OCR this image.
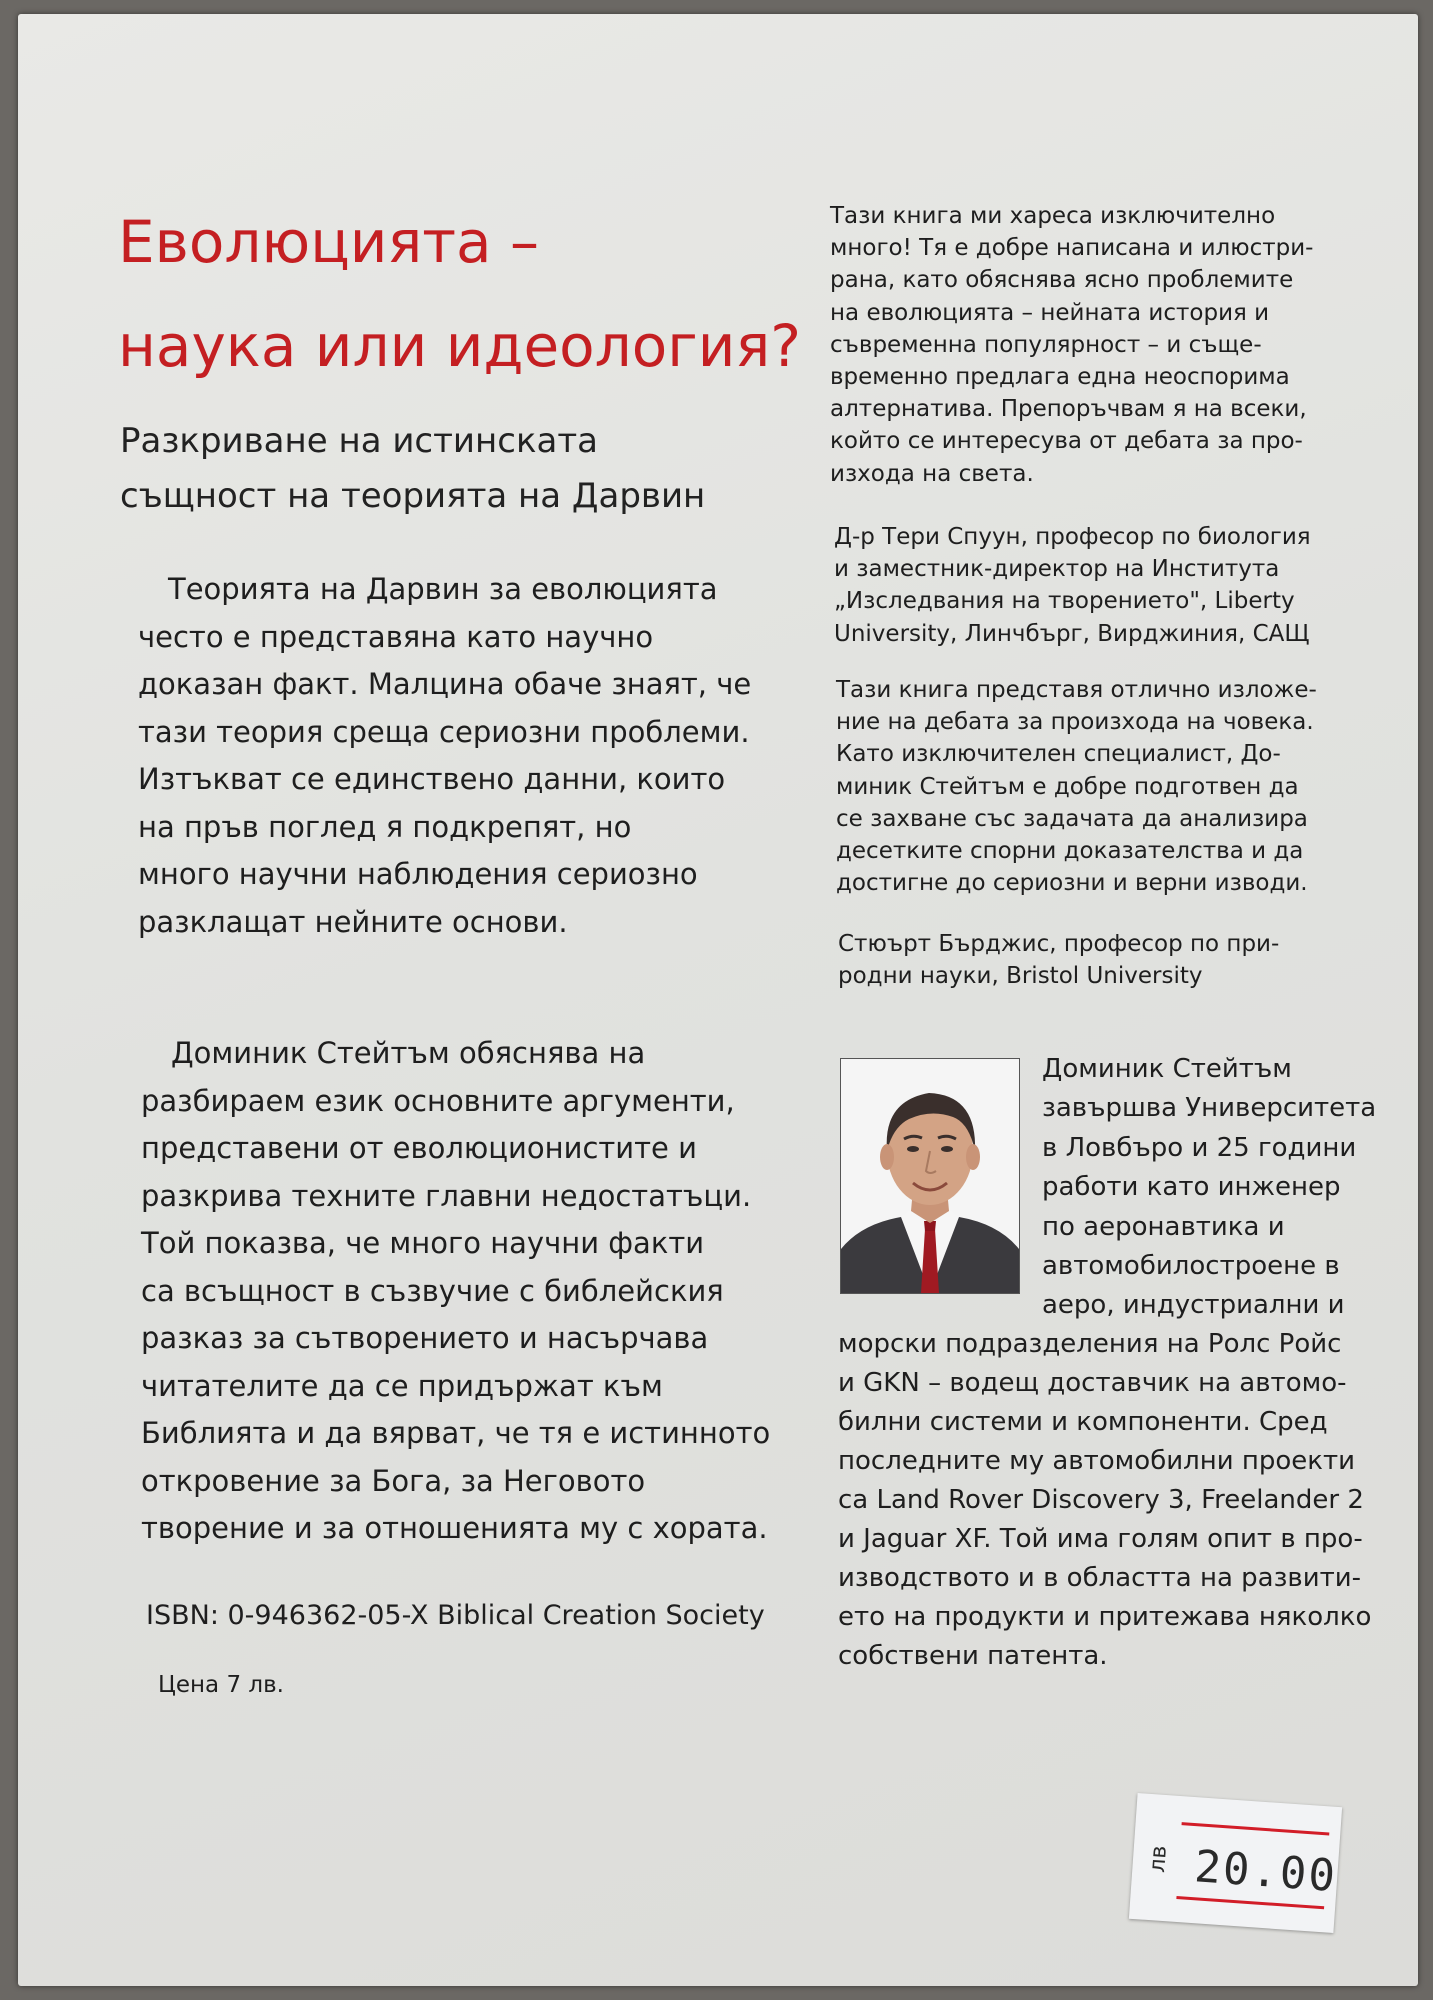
Еволюцията –
наука или идеология?
Разкриване на истинската
същност на теорията на Дарвин

Теорията на Дарвин за еволюцията
често е представяна като научно
доказан факт. Малцина обаче знаят, че
тази теория среща сериозни проблеми.
Изтъкват се единствено данни, които
на пръв поглед я подкрепят, но
много научни наблюдения сериозно
разклащат нейните основи.

Доминик Стейтъм обяснява на
разбираем език основните аргументи,
представени от еволюционистите и
разкрива техните главни недостатъци.
Той показва, че много научни факти
са всъщност в съзвучие с библейския
разказ за сътворението и насърчава
читателите да се придържат към
Библията и да вярват, че тя е истинното
откровение за Бога, за Неговото
творение и за отношенията му с хората.

ISBN: 0-946362-05-X Biblical Creation Society
Цена 7 лв.

Тази книга ми хареса изключително
много! Тя е добре написана и илюстри-
рана, като обяснява ясно проблемите
на еволюцията – нейната история и
съвременна популярност – и съще-
временно предлага една неоспорима
алтернатива. Препоръчвам я на всеки,
който се интересува от дебата за про-
изхода на света.

Д-р Тери Спуун, професор по биология
и заместник-директор на Института
„Изследвания на творението", Liberty
University, Линчбърг, Вирджиния, САЩ

Тази книга представя отлично изложе-
ние на дебата за произхода на човека.
Като изключителен специалист, До-
миник Стейтъм е добре подготвен да
се захване със задачата да анализира
десетките спорни доказателства и да
достигне до сериозни и верни изводи.

Стюърт Бърджис, професор по при-
родни науки, Bristol University

Доминик Стейтъм
завършва Университета
в Ловбъро и 25 години
работи като инженер
по аеронавтика и
автомобилостроене в
аеро, индустриални и

морски подразделения на Ролс Ройс
и GKN – водещ доставчик на автомо-
билни системи и компоненти. Сред
последните му автомобилни проекти
са Land Rover Discovery 3, Freelander 2
и Jaguar XF. Той има голям опит в про-
изводството и в областта на развити-
ето на продукти и притежава няколко
собствени патента.

лв 20.00
